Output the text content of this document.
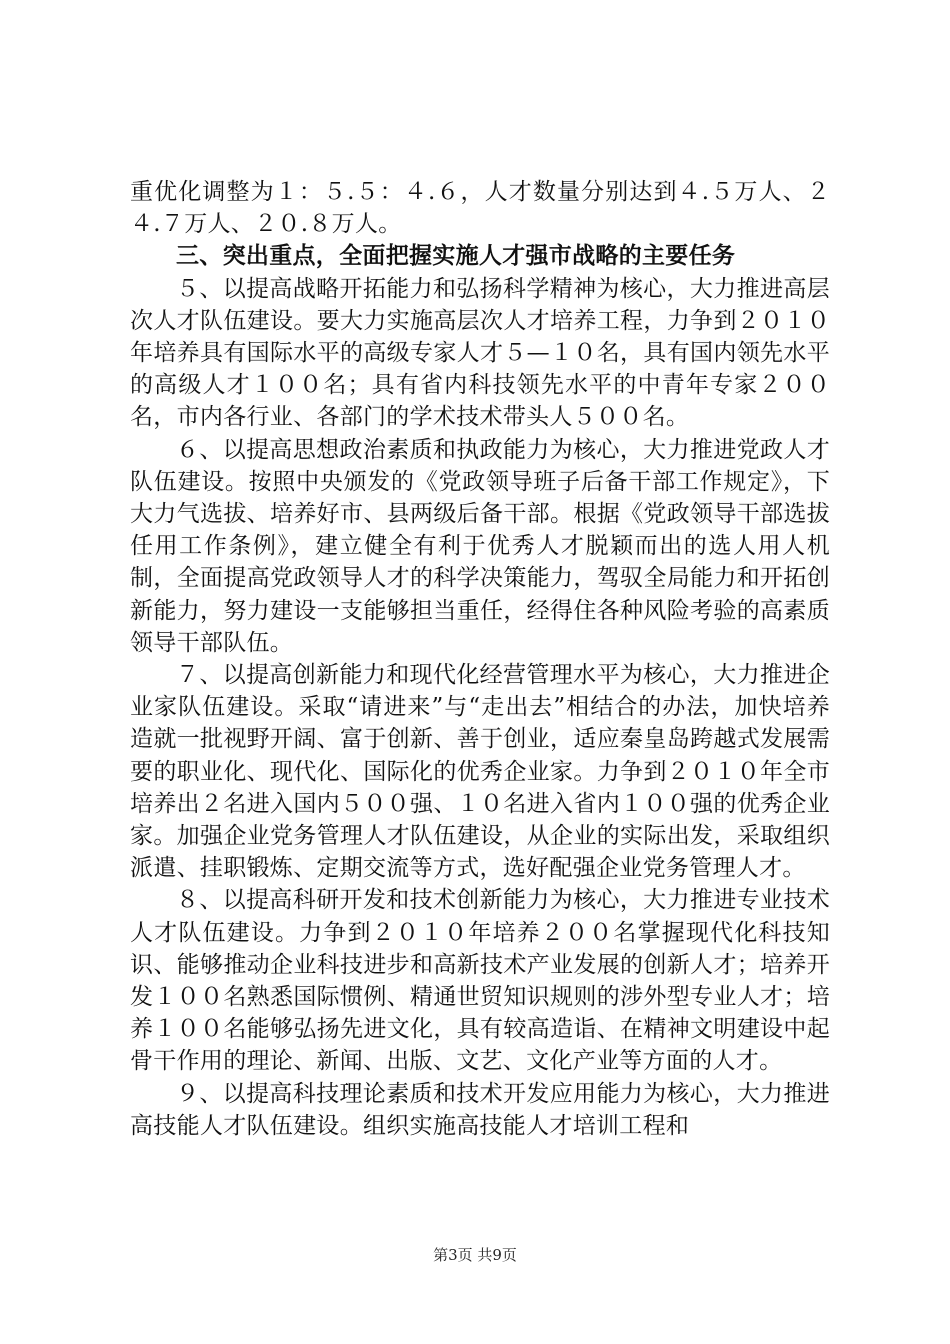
重优化调整为１：５.５：４.６，人才数量分别达到４.５万人、２４.７万人、２０.８万人。

三、突出重点，全面把握实施人才强市战略的主要任务

５、以提高战略开拓能力和弘扬科学精神为核心，大力推进高层次人才队伍建设。要大力实施高层次人才培养工程，力争到２０１０年培养具有国际水平的高级专家人才５—１０名，具有国内领先水平的高级人才１００名；具有省内科技领先水平的中青年专家２００名，市内各行业、各部门的学术技术带头人５００名。

６、以提高思想政治素质和执政能力为核心，大力推进党政人才队伍建设。按照中央颁发的《党政领导班子后备干部工作规定》，下大力气选拔、培养好市、县两级后备干部。根据《党政领导干部选拔任用工作条例》，建立健全有利于优秀人才脱颖而出的选人用人机制，全面提高党政领导人才的科学决策能力，驾驭全局能力和开拓创新能力，努力建设一支能够担当重任，经得住各种风险考验的高素质领导干部队伍。

７、以提高创新能力和现代化经营管理水平为核心，大力推进企业家队伍建设。采取“请进来”与“走出去”相结合的办法，加快培养造就一批视野开阔、富于创新、善于创业，适应秦皇岛跨越式发展需要的职业化、现代化、国际化的优秀企业家。力争到２０１０年全市培养出２名进入国内５００强、１０名进入省内１００强的优秀企业家。加强企业党务管理人才队伍建设，从企业的实际出发，采取组织派遣、挂职锻炼、定期交流等方式，选好配强企业党务管理人才。

８、以提高科研开发和技术创新能力为核心，大力推进专业技术人才队伍建设。力争到２０１０年培养２００名掌握现代化科技知识、能够推动企业科技进步和高新技术产业发展的创新人才；培养开发１００名熟悉国际惯例、精通世贸知识规则的涉外型专业人才；培养１００名能够弘扬先进文化，具有较高造诣、在精神文明建设中起骨干作用的理论、新闻、出版、文艺、文化产业等方面的人才。

９、以提高科技理论素质和技术开发应用能力为核心，大力推进高技能人才队伍建设。组织实施高技能人才培训工程和

第3页 共9页
